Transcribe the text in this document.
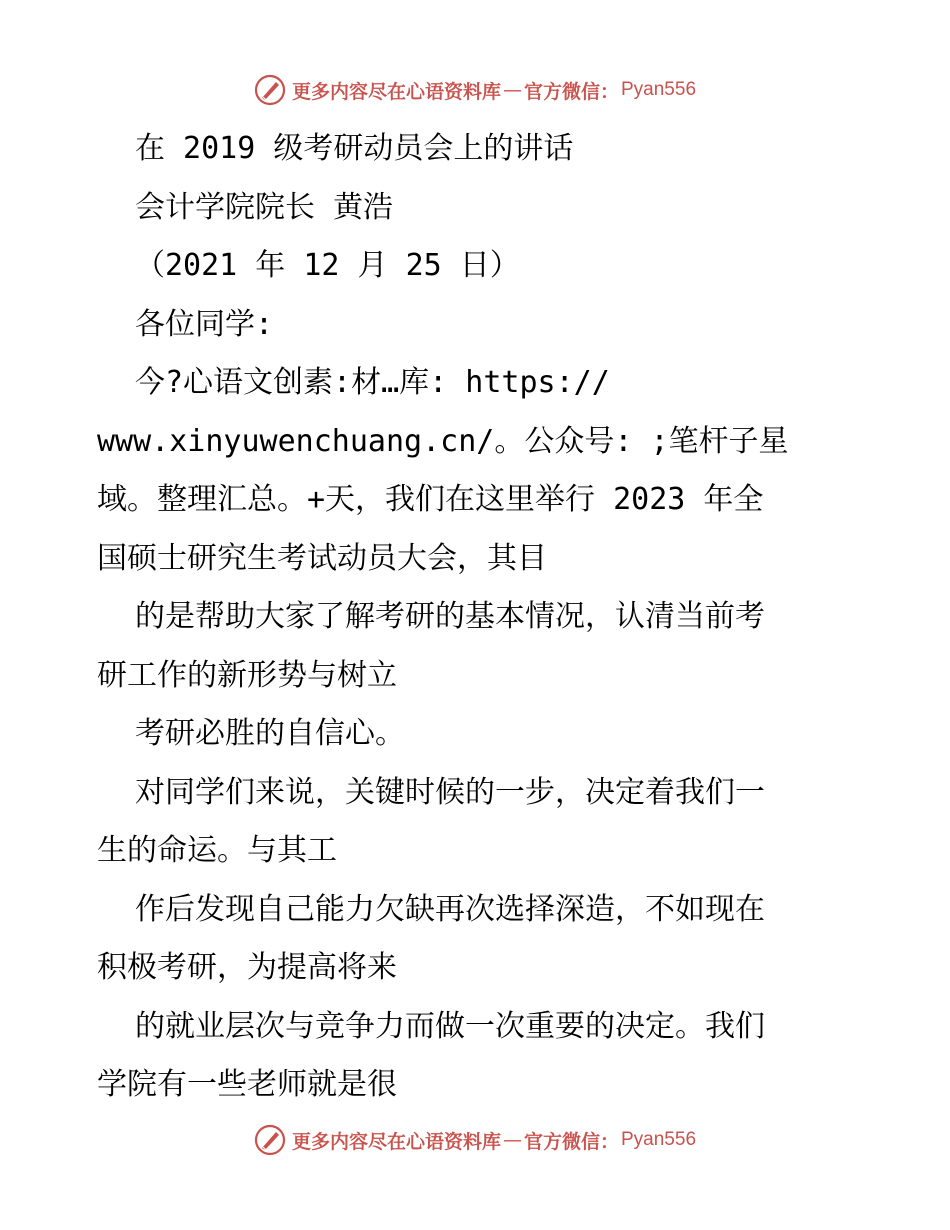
更多内容尽在心语资料库 — 官方微信： Pyan556
在 2019 级考研动员会上的讲话
会计学院院长 黄浩
（2021 年 12 月 25 日）
各位同学:
今?心语文创素:材…库: https://
www.xinyuwenchuang.cn/。公众号: ;笔杆子星
域。整理汇总。+天，我们在这里举行 2023 年全
国硕士研究生考试动员大会，其目
的是帮助大家了解考研的基本情况，认清当前考
研工作的新形势与树立
考研必胜的自信心。
对同学们来说，关键时候的一步，决定着我们一
生的命运。与其工
作后发现自己能力欠缺再次选择深造，不如现在
积极考研，为提高将来
的就业层次与竞争力而做一次重要的决定。我们
学院有一些老师就是很
更多内容尽在心语资料库 — 官方微信： Pyan556
